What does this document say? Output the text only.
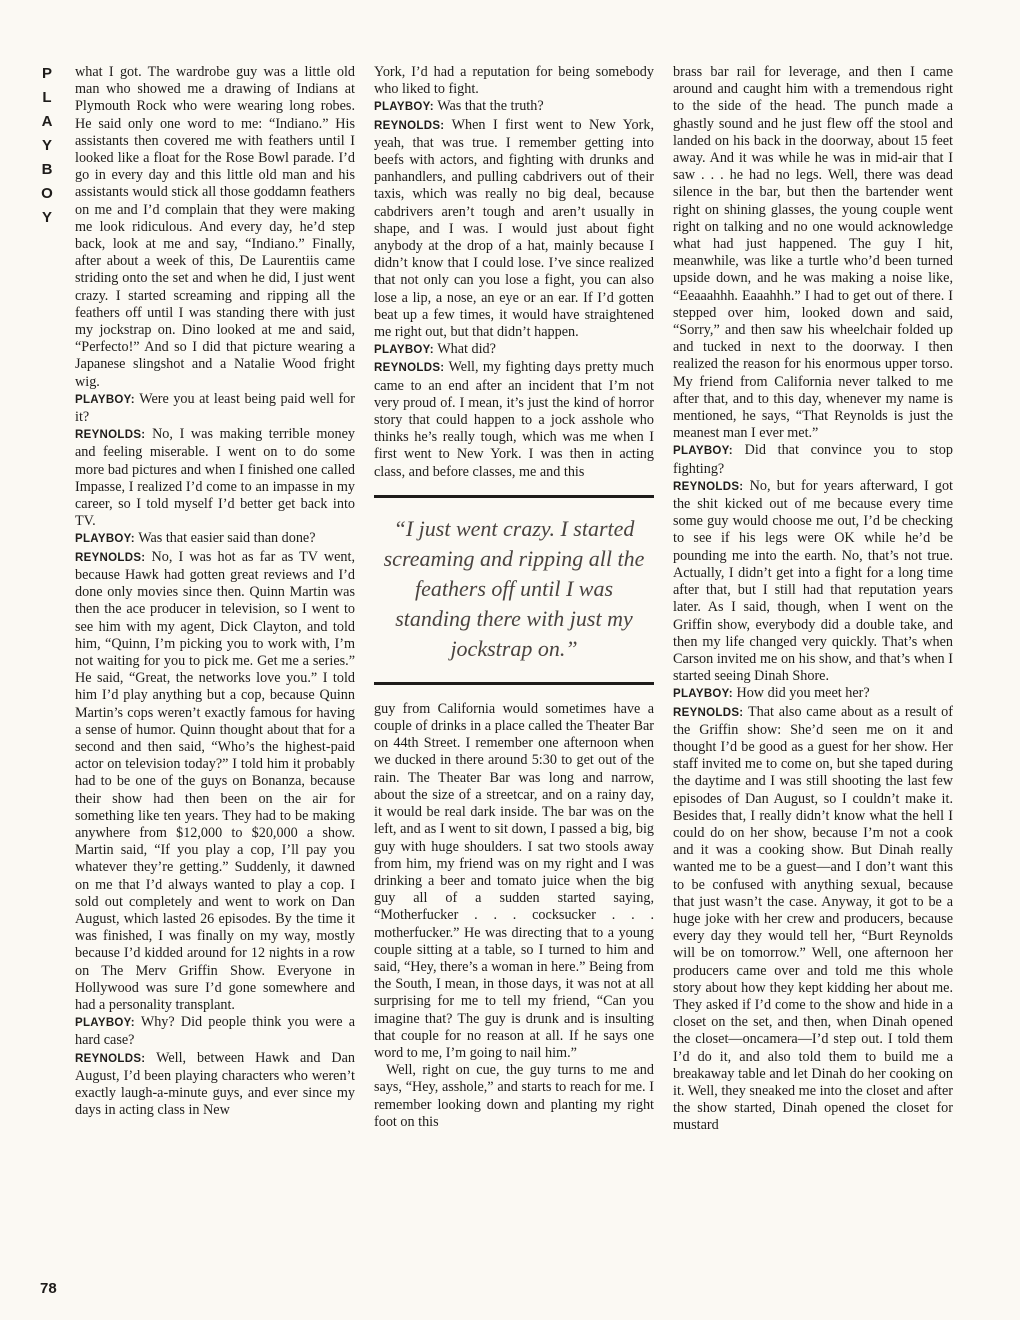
P
L
A
Y
B
O
Y
78

what I got. The wardrobe guy was a little old man who showed me a drawing of Indians at Plymouth Rock who were wearing long robes. He said only one word to me: “Indiano.” His assistants then covered me with feathers until I looked like a float for the Rose Bowl parade. I’d go in every day and this little old man and his assistants would stick all those goddamn feathers on me and I’d complain that they were making me look ridiculous. And every day, he’d step back, look at me and say, “Indiano.” Finally, after about a week of this, De Laurentiis came striding onto the set and when he did, I just went crazy. I started screaming and ripping all the feathers off until I was standing there with just my jockstrap on. Dino looked at me and said, “Perfecto!” And so I did that picture wearing a Japanese slingshot and a Natalie Wood fright wig.

PLAYBOY: Were you at least being paid well for it?

REYNOLDS: No, I was making terrible money and feeling miserable. I went on to do some more bad pictures and when I finished one called Impasse, I realized I’d come to an impasse in my career, so I told myself I’d better get back into TV.

PLAYBOY: Was that easier said than done?

REYNOLDS: No, I was hot as far as TV went, because Hawk had gotten great reviews and I’d done only movies since then. Quinn Martin was then the ace producer in television, so I went to see him with my agent, Dick Clayton, and told him, “Quinn, I’m picking you to work with, I’m not waiting for you to pick me. Get me a series.” He said, “Great, the networks love you.” I told him I’d play anything but a cop, because Quinn Martin’s cops weren’t exactly famous for having a sense of humor. Quinn thought about that for a second and then said, “Who’s the highest-paid actor on television today?” I told him it probably had to be one of the guys on Bonanza, because their show had then been on the air for something like ten years. They had to be making anywhere from $12,000 to $20,000 a show. Martin said, “If you play a cop, I’ll pay you whatever they’re getting.” Suddenly, it dawned on me that I’d always wanted to play a cop. I sold out completely and went to work on Dan August, which lasted 26 episodes. By the time it was finished, I was finally on my way, mostly because I’d kidded around for 12 nights in a row on The Merv Griffin Show. Everyone in Hollywood was sure I’d gone somewhere and had a personality transplant.

PLAYBOY: Why? Did people think you were a hard case?

REYNOLDS: Well, between Hawk and Dan August, I’d been playing characters who weren’t exactly laugh-a-minute guys, and ever since my days in acting class in New

York, I’d had a reputation for being somebody who liked to fight.

PLAYBOY: Was that the truth?

REYNOLDS: When I first went to New York, yeah, that was true. I remember getting into beefs with actors, and fighting with drunks and panhandlers, and pulling cabdrivers out of their taxis, which was really no big deal, because cabdrivers aren’t tough and aren’t usually in shape, and I was. I would just about fight anybody at the drop of a hat, mainly because I didn’t know that I could lose. I’ve since realized that not only can you lose a fight, you can also lose a lip, a nose, an eye or an ear. If I’d gotten beat up a few times, it would have straightened me right out, but that didn’t happen.

PLAYBOY: What did?

REYNOLDS: Well, my fighting days pretty much came to an end after an incident that I’m not very proud of. I mean, it’s just the kind of horror story that could happen to a jock asshole who thinks he’s really tough, which was me when I first went to New York. I was then in acting class, and before classes, me and this

“I just went crazy. I started screaming and ripping all the feathers off until I was standing there with just my jockstrap on.”

guy from California would sometimes have a couple of drinks in a place called the Theater Bar on 44th Street. I remember one afternoon when we ducked in there around 5:30 to get out of the rain. The Theater Bar was long and narrow, about the size of a streetcar, and on a rainy day, it would be real dark inside. The bar was on the left, and as I went to sit down, I passed a big, big guy with huge shoulders. I sat two stools away from him, my friend was on my right and I was drinking a beer and tomato juice when the big guy all of a sudden started saying, “Motherfucker . . . cocksucker . . . motherfucker.” He was directing that to a young couple sitting at a table, so I turned to him and said, “Hey, there’s a woman in here.” Being from the South, I mean, in those days, it was not at all surprising for me to tell my friend, “Can you imagine that? The guy is drunk and is insulting that couple for no reason at all. If he says one word to me, I’m going to nail him.”

Well, right on cue, the guy turns to me and says, “Hey, asshole,” and starts to reach for me. I remember looking down and planting my right foot on this

brass bar rail for leverage, and then I came around and caught him with a tremendous right to the side of the head. The punch made a ghastly sound and he just flew off the stool and landed on his back in the doorway, about 15 feet away. And it was while he was in mid-air that I saw . . . he had no legs. Well, there was dead silence in the bar, but then the bartender went right on shining glasses, the young couple went right on talking and no one would acknowledge what had just happened. The guy I hit, meanwhile, was like a turtle who’d been turned upside down, and he was making a noise like, “Eeaaahhh. Eaaahhh.” I had to get out of there. I stepped over him, looked down and said, “Sorry,” and then saw his wheelchair folded up and tucked in next to the doorway. I then realized the reason for his enormous upper torso. My friend from California never talked to me after that, and to this day, whenever my name is mentioned, he says, “That Reynolds is just the meanest man I ever met.”

PLAYBOY: Did that convince you to stop fighting?

REYNOLDS: No, but for years afterward, I got the shit kicked out of me because every time some guy would choose me out, I’d be checking to see if his legs were OK while he’d be pounding me into the earth. No, that’s not true. Actually, I didn’t get into a fight for a long time after that, but I still had that reputation years later. As I said, though, when I went on the Griffin show, everybody did a double take, and then my life changed very quickly. That’s when Carson invited me on his show, and that’s when I started seeing Dinah Shore.

PLAYBOY: How did you meet her?

REYNOLDS: That also came about as a result of the Griffin show: She’d seen me on it and thought I’d be good as a guest for her show. Her staff invited me to come on, but she taped during the daytime and I was still shooting the last few episodes of Dan August, so I couldn’t make it. Besides that, I really didn’t know what the hell I could do on her show, because I’m not a cook and it was a cooking show. But Dinah really wanted me to be a guest—and I don’t want this to be confused with anything sexual, because that just wasn’t the case. Anyway, it got to be a huge joke with her crew and producers, because every day they would tell her, “Burt Reynolds will be on tomorrow.” Well, one afternoon her producers came over and told me this whole story about how they kept kidding her about me. They asked if I’d come to the show and hide in a closet on the set, and then, when Dinah opened the closet—oncamera—I’d step out. I told them I’d do it, and also told them to build me a breakaway table and let Dinah do her cooking on it. Well, they sneaked me into the closet and after the show started, Dinah opened the closet for mustard
